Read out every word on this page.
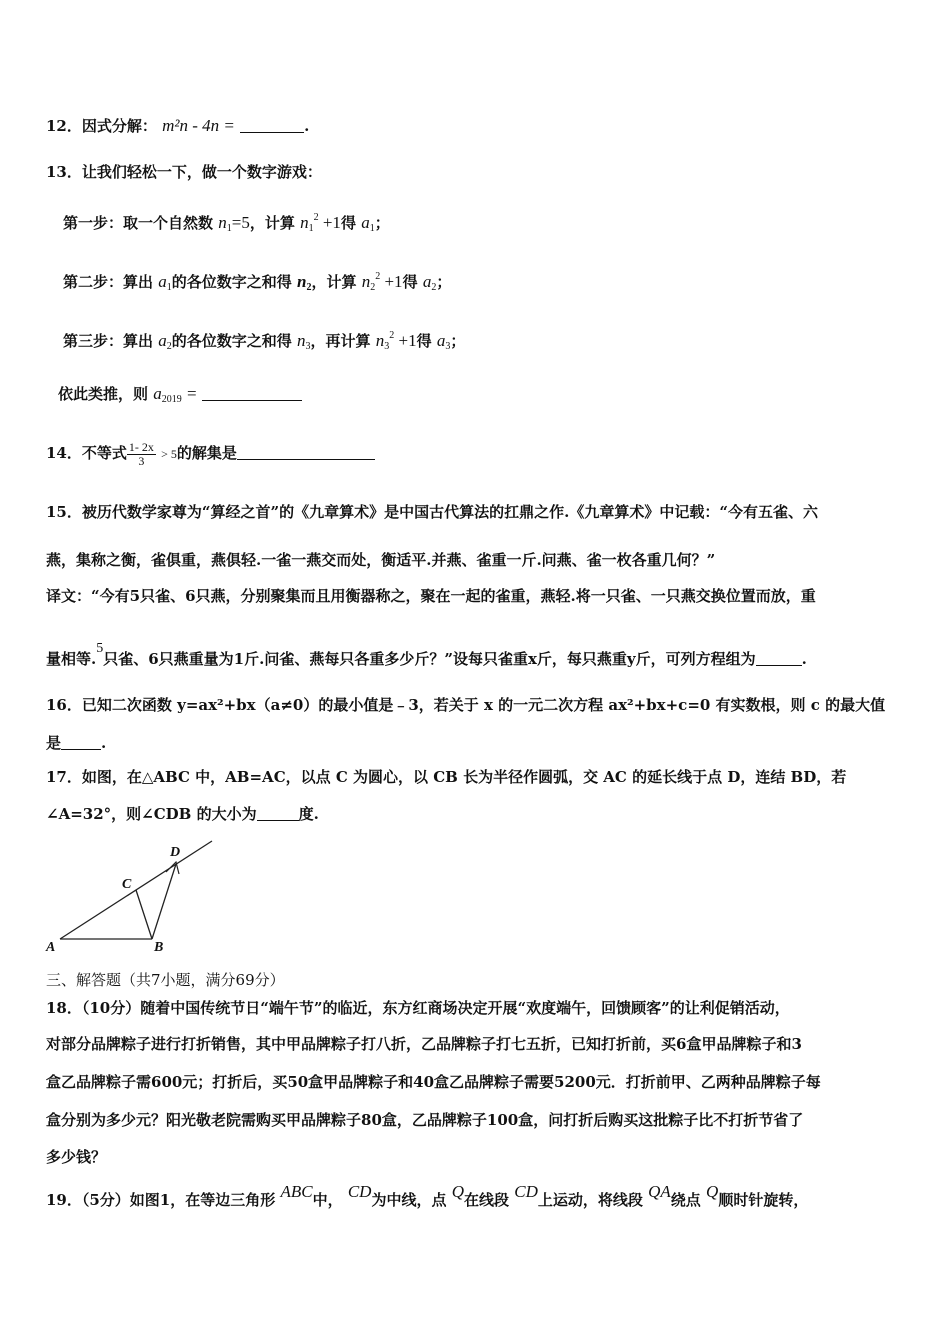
12．因式分解： m²n - 4n =	.
13．让我们轻松一下，做一个数字游戏：
第一步：取一个自然数 $n_1=5$，计算 $n_1^2 +1$得 $a_1$；
第二步：算出 $a_1$的各位数字之和得 $n_2$，计算 $n_2^2 +1$得 $a_2$；
第三步：算出 $a_2$的各位数字之和得 $n_3$，再计算 $n_3^2 +1$得 $a_3$；
依此类推，则 $a_{2019}$ =
14．不等式 $\frac{1- 2x}{3} > 5$的解集是
15．被历代数学家尊为“算经之首”的《九章算术》是中国古代算法的扛鼎之作.《九章算术》中记载：“今有五雀、六
燕，集称之衡，雀俱重，燕俱轻.一雀一燕交而处，衡适平.并燕、雀重一斤.问燕、雀一枚各重几何？”
译文：“今有5只雀、6只燕，分别聚集而且用衡器称之，聚在一起的雀重，燕轻.将一只雀、一只燕交换位置而放，重
量相等.5只雀、6只燕重量为1斤.问雀、燕每只各重多少斤？”设每只雀重x斤，每只燕重y斤，可列方程组为	.
16．已知二次函数 y=ax²+bx（a≠0）的最小值是﹣3，若关于 x 的一元二次方程 ax²+bx+c=0 有实数根，则 c 的最大值
是	.
17．如图，在△ABC 中，AB=AC，以点 C 为圆心，以 CB 长为半径作圆弧，交 AC 的延长线于点 D，连结 BD，若
∠A=32°，则∠CDB 的大小为	度.
A	B
C
D
三、解答题（共7小题，满分69分）
18．（10分）随着中国传统节日“端午节”的临近，东方红商场决定开展“欢度端午，回馈顾客”的让利促销活动，
对部分品牌粽子进行打折销售，其中甲品牌粽子打八折，乙品牌粽子打七五折，已知打折前，买6盒甲品牌粽子和3
盒乙品牌粽子需600元；打折后，买50盒甲品牌粽子和40盒乙品牌粽子需要5200元．打折前甲、乙两种品牌粽子每
盒分别为多少元？阳光敬老院需购买甲品牌粽子80盒，乙品牌粽子100盒，问打折后购买这批粽子比不打折节省了
多少钱？
19．（5分）如图1，在等边三角形 ABC中， CD为中线，点 Q在线段 CD上运动，将线段 QA绕点 Q顺时针旋转，
